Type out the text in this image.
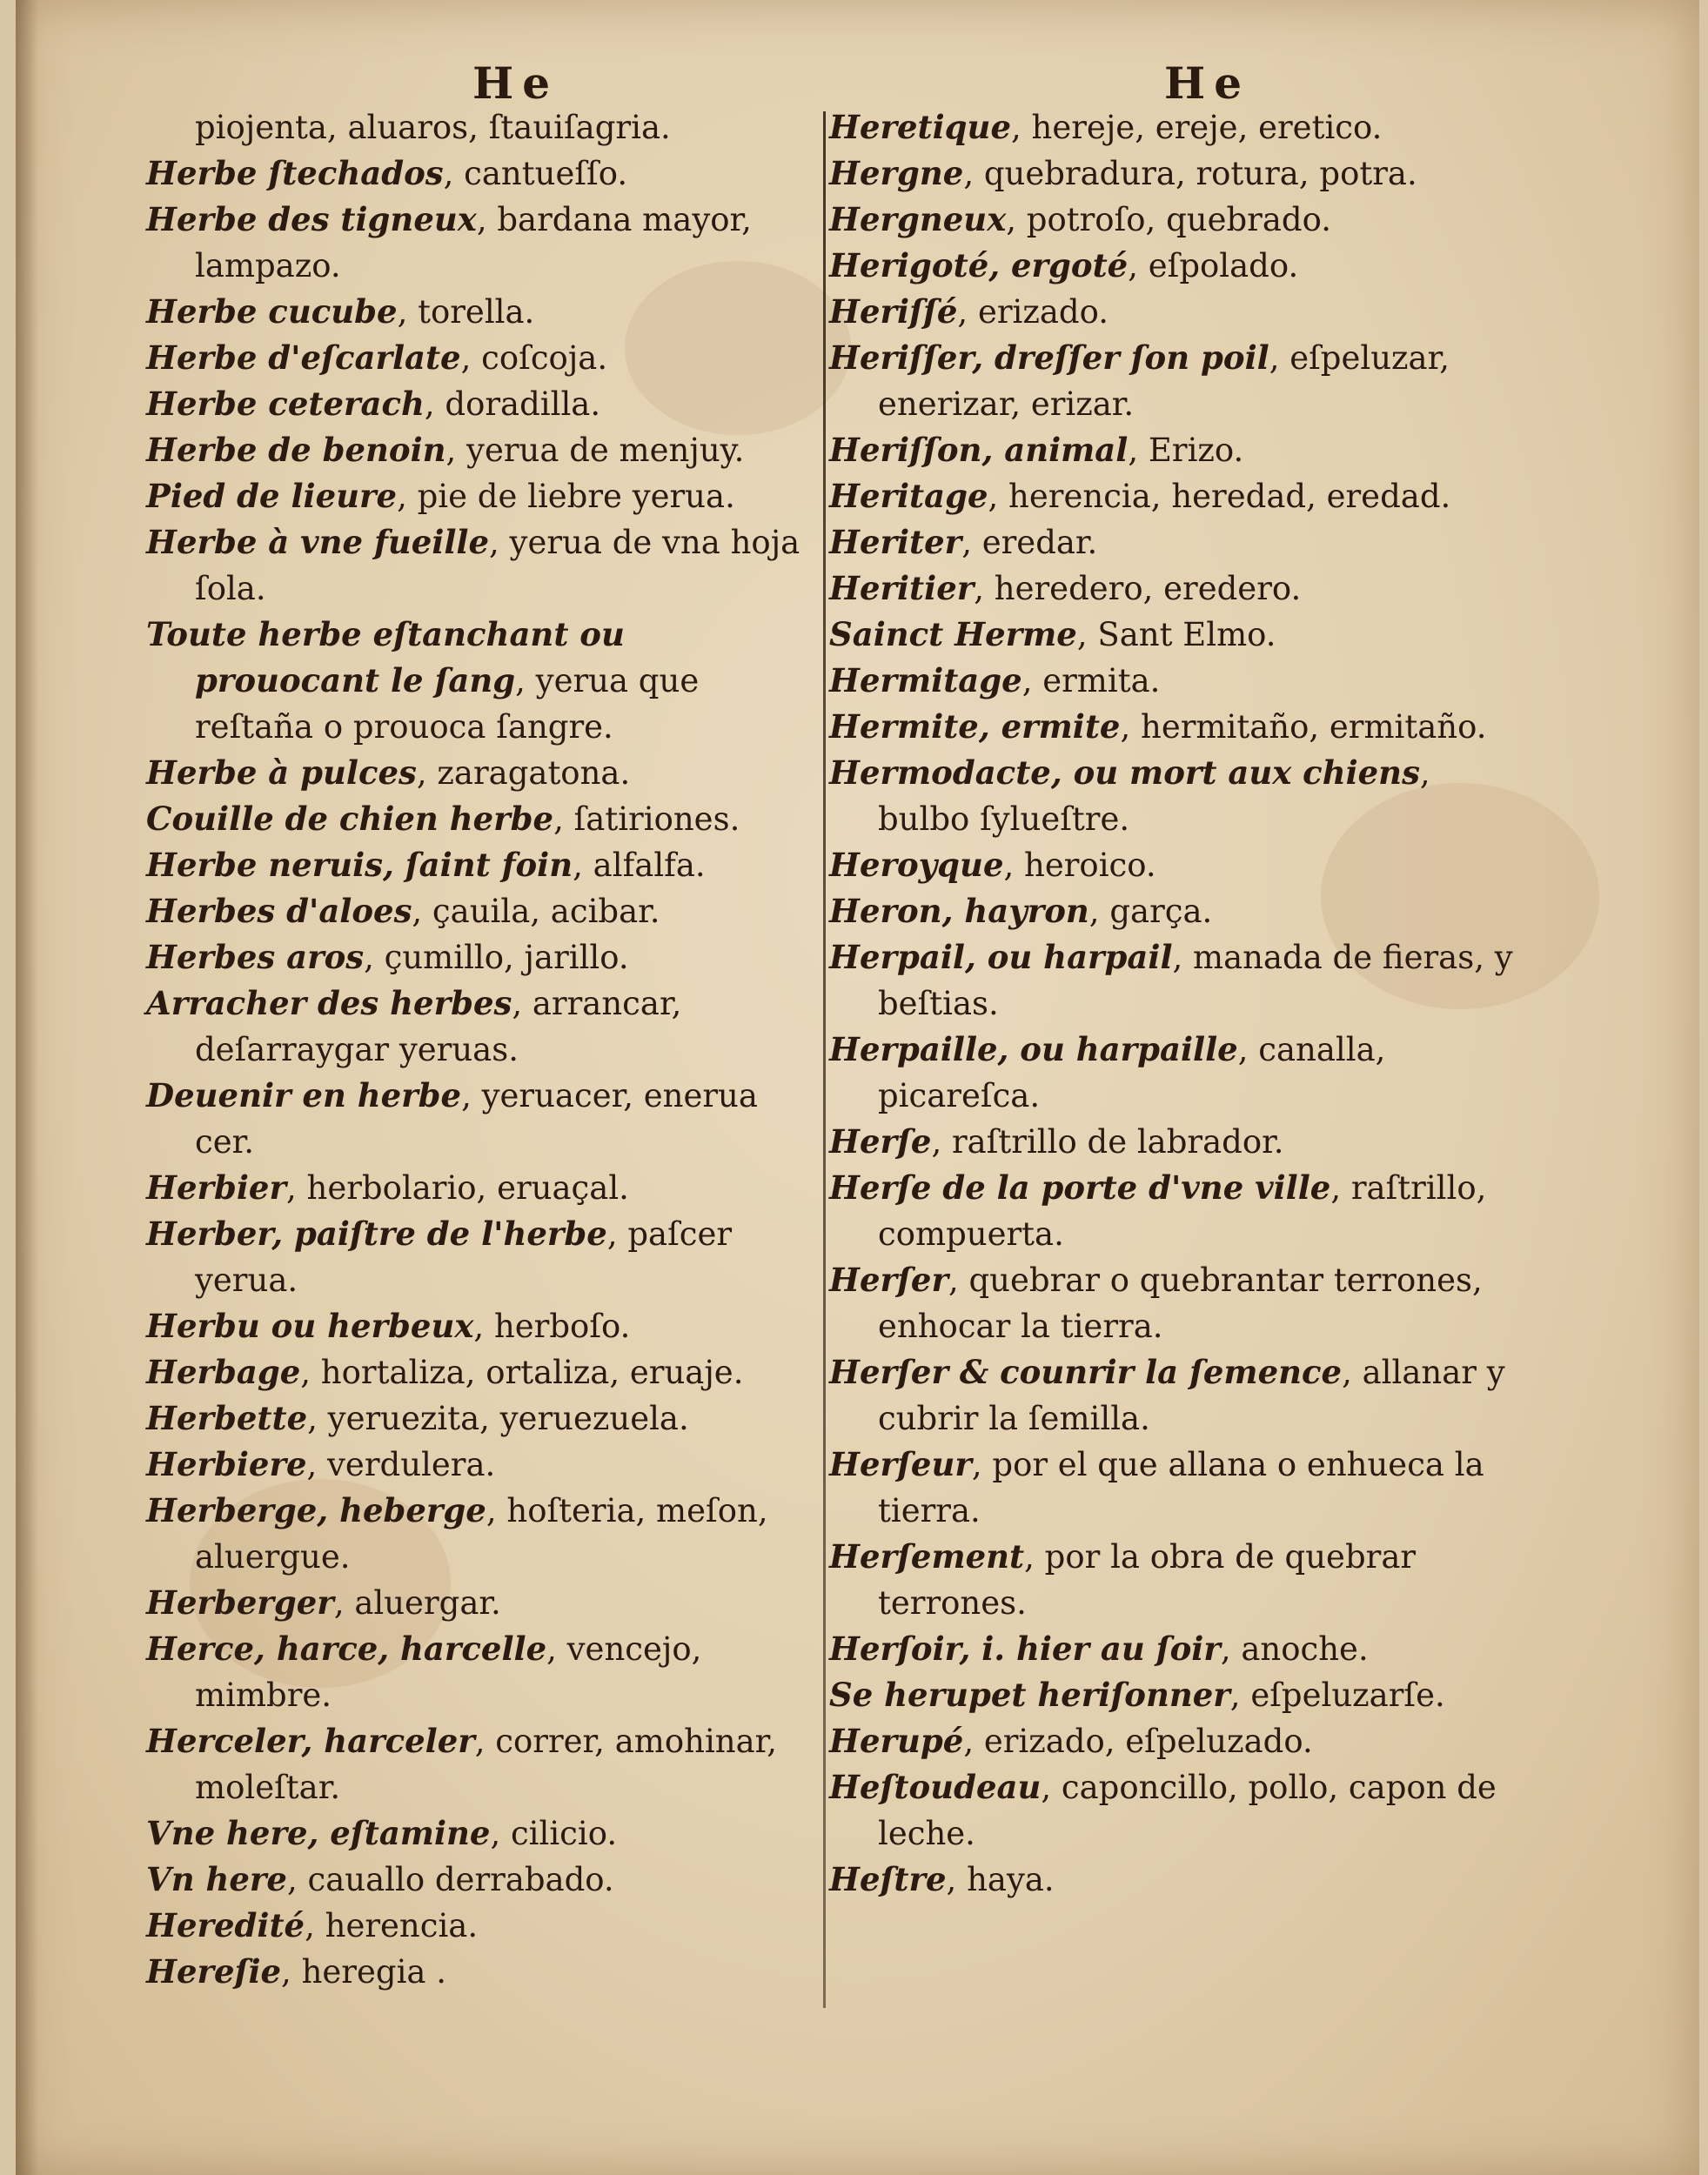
He	He

piojenta, aluaros, ſtauiſagria.

Herbe ſtechados, cantueſſo.

Herbe des tigneux, bardana mayor, lampazo.

Herbe cucube, torella.

Herbe d'eſcarlate, coſcoja.

Herbe ceterach, doradilla.

Herbe de benoin, yerua de menjuy.

Pied de lieure, pie de liebre yerua.

Herbe à vne fueille, yerua de vna hoja ſola.

Toute herbe eſtanchant ou prouocant le ſang, yerua que reſtaña o prouoca ſangre.

Herbe à pulces, zaragatona.

Couille de chien herbe, ſatiriones.

Herbe neruis, ſaint foin, alfalfa.

Herbes d'aloes, çauila, acibar.

Herbes aros, çumillo, jarillo.

Arracher des herbes, arrancar, deſarraygar yeruas.

Deuenir en herbe, yeruacer, enerua cer.

Herbier, herbolario, eruaçal.

Herber, paiſtre de l'herbe, paſcer yerua.

Herbu ou herbeux, herboſo.

Herbage, hortaliza, ortaliza, eruaje.

Herbette, yeruezita, yeruezuela.

Herbiere, verdulera.

Herberge, heberge, hoſteria, meſon, aluergue.

Herberger, aluergar.

Herce, harce, harcelle, vencejo, mimbre.

Herceler, harceler, correr, amohinar, moleſtar.

Vne here, eſtamine, cilicio.

Vn here, cauallo derrabado.

Heredité, herencia.

Hereſie, heregia .

Heretique, hereje, ereje, eretico.

Hergne, quebradura, rotura, potra.

Hergneux, potroſo, quebrado.

Herigoté, ergoté, eſpolado.

Heriſſé, erizado.

Heriſſer, dreſſer ſon poil, eſpeluzar, enerizar, erizar.

Heriſſon, animal, Erizo.

Heritage, herencia, heredad, eredad.

Heriter, eredar.

Heritier, heredero, eredero.

Sainct Herme, Sant Elmo.

Hermitage, ermita.

Hermite, ermite, hermitaño, ermitaño.

Hermodacte, ou mort aux chiens, bulbo ſylueſtre.

Heroyque, heroico.

Heron, hayron, garça.

Herpail, ou harpail, manada de fieras, y beſtias.

Herpaille, ou harpaille, canalla, picareſca.

Herſe, raſtrillo de labrador.

Herſe de la porte d'vne ville, raſtrillo, compuerta.

Herſer, quebrar o quebrantar terrones, enhocar la tierra.

Herſer & counrir la ſemence, allanar y cubrir la ſemilla.

Herſeur, por el que allana o enhueca la tierra.

Herſement, por la obra de quebrar terrones.

Herſoir, i. hier au ſoir, anoche.

Se herupet heriſonner, eſpeluzarſe.

Herupé, erizado, eſpeluzado.

Heſtoudeau, caponcillo, pollo, capon de leche.

Heſtre, haya.
